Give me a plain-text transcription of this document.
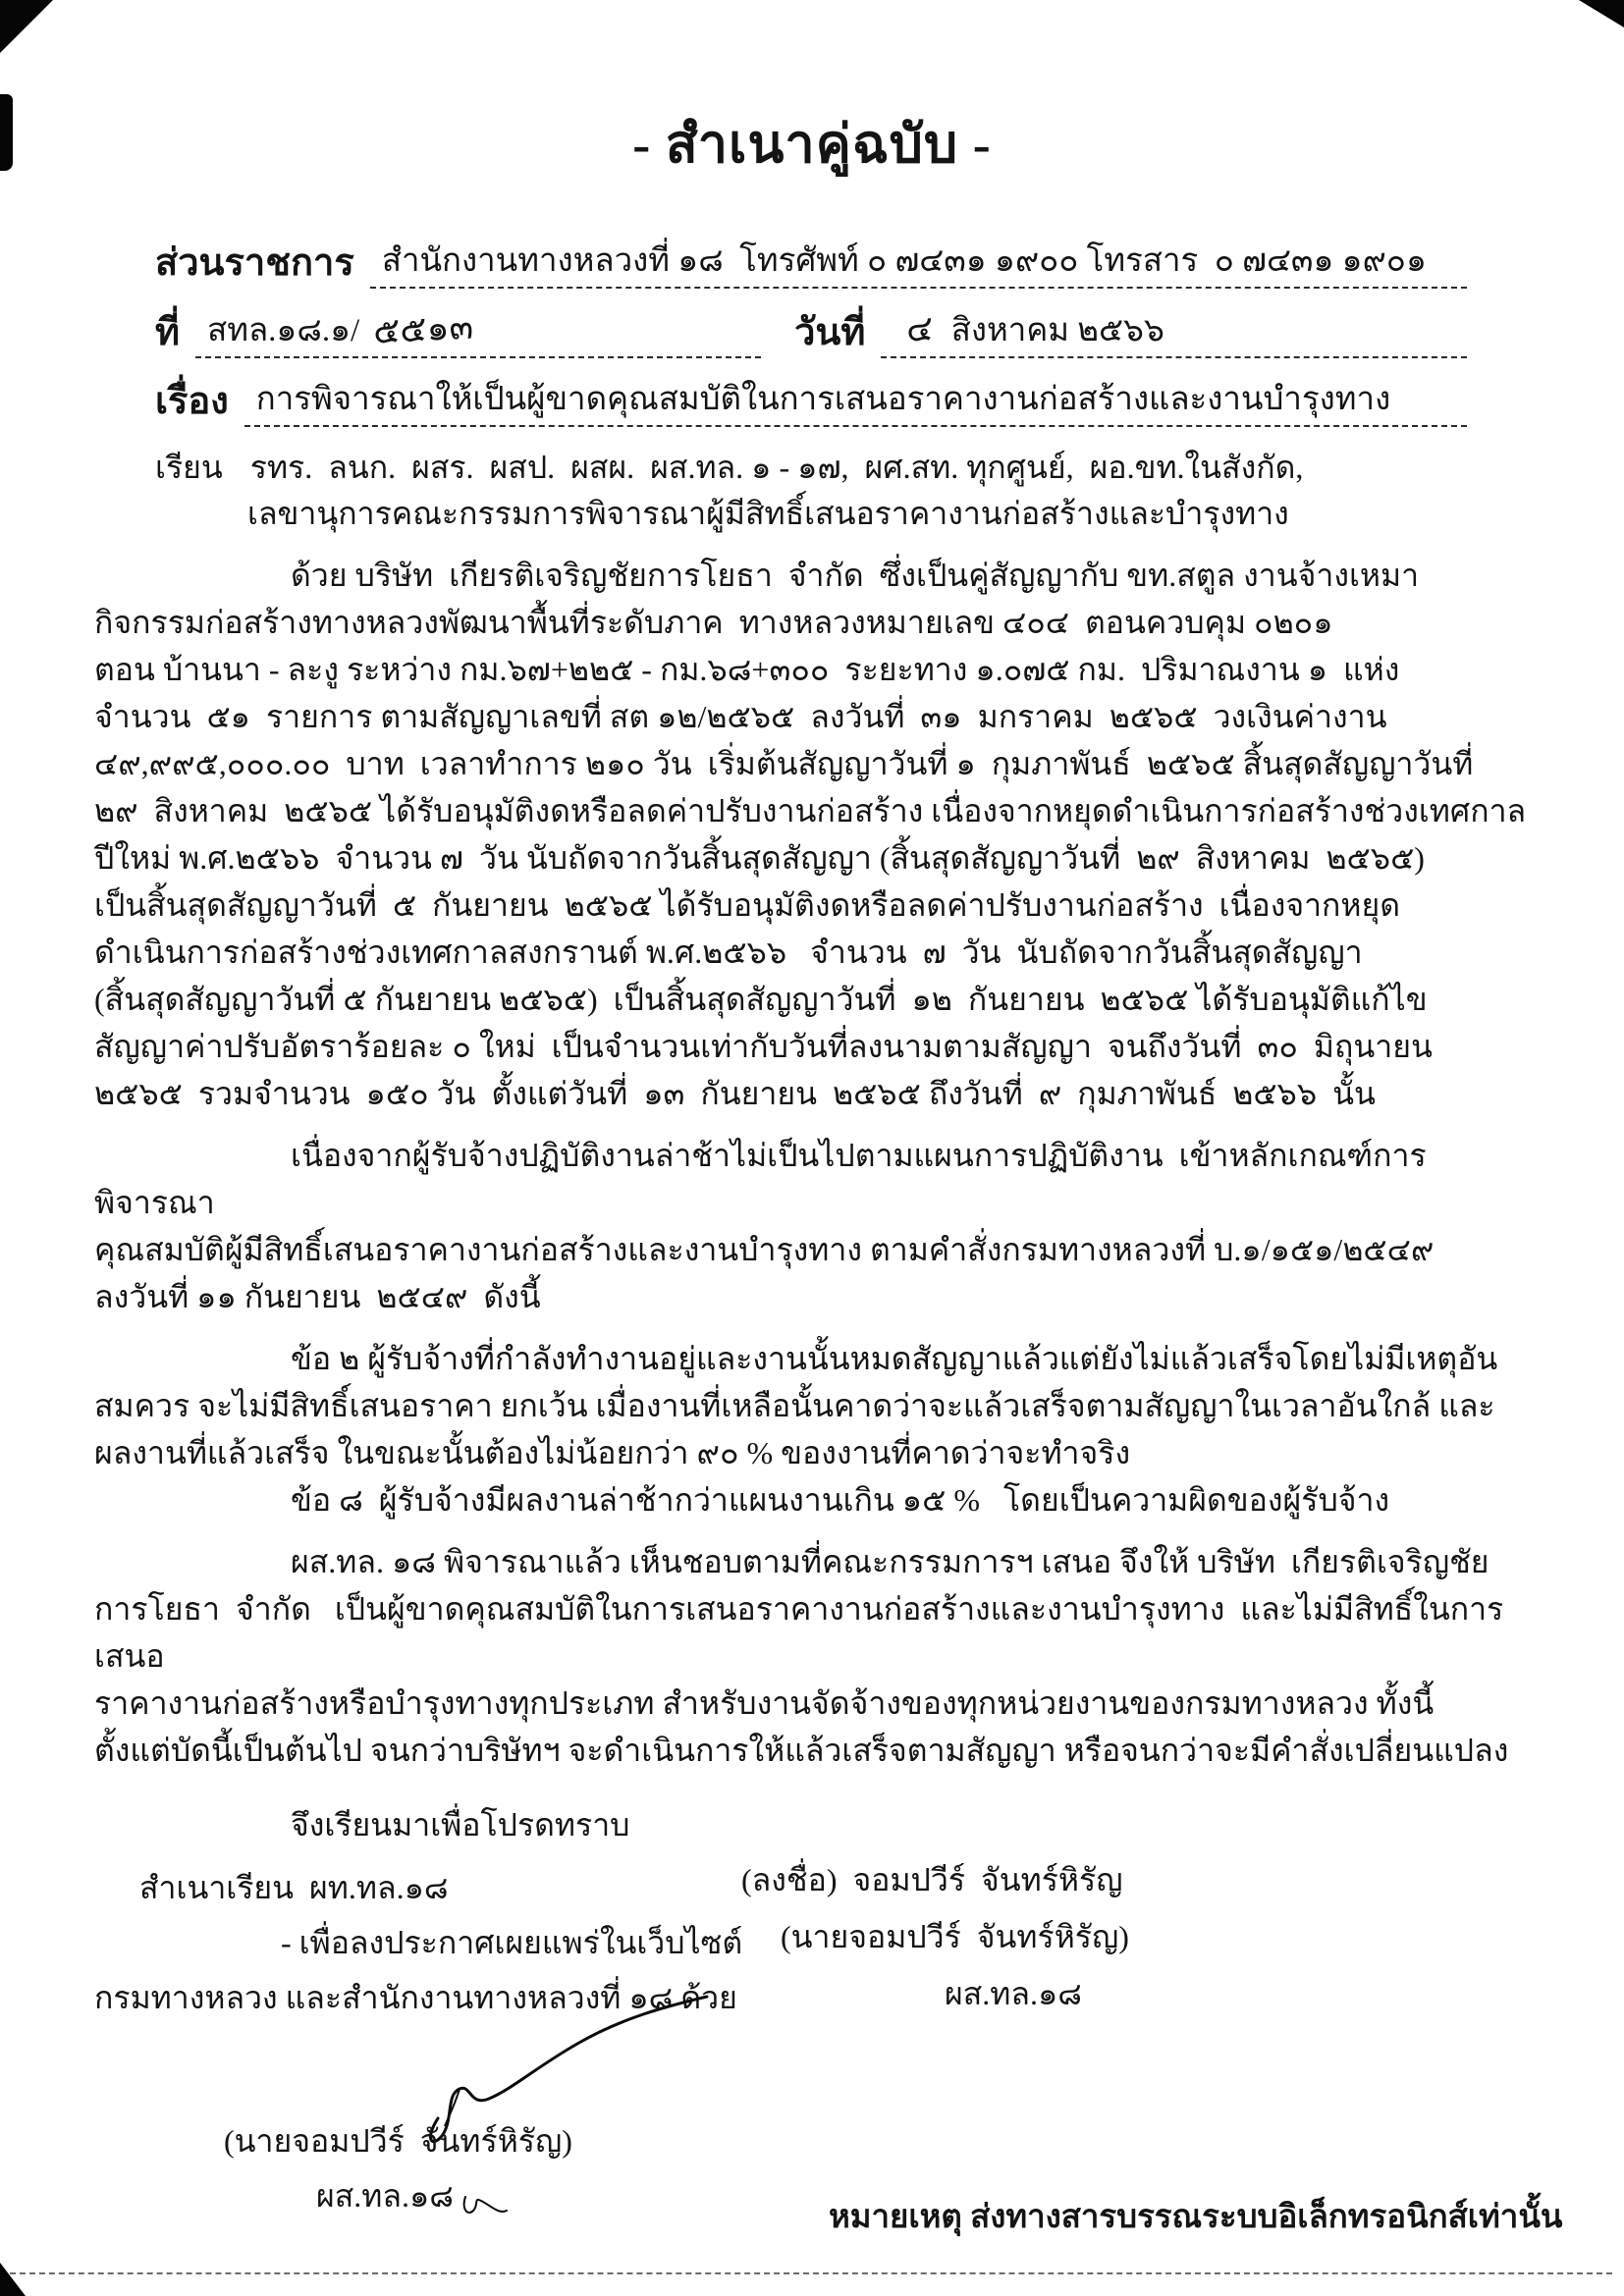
- สำเนาคู่ฉบับ -
ส่วนราชการ สำนักงานทางหลวงที่ ๑๘  โทรศัพท์ ๐ ๗๔๓๑ ๑๙๐๐ โทรสาร  ๐ ๗๔๓๑ ๑๙๐๑
ที่ สทล.๑๘.๑/ ๕๕๑๓	วันที่	๔ สิงหาคม ๒๕๖๖
เรื่อง การพิจารณาให้เป็นผู้ขาดคุณสมบัติในการเสนอราคางานก่อสร้างและงานบำรุงทาง
เรียน รทร.  ลนก.  ผสร.  ผสป.  ผสผ.  ผส.ทล. ๑ - ๑๗,  ผศ.สท. ทุกศูนย์,  ผอ.ขท.ในสังกัด,
เลขานุการคณะกรรมการพิจารณาผู้มีสิทธิ์เสนอราคางานก่อสร้างและบำรุงทาง
ด้วย บริษัท  เกียรติเจริญชัยการโยธา  จำกัด  ซึ่งเป็นคู่สัญญากับ ขท.สตูล งานจ้างเหมา
กิจกรรมก่อสร้างทางหลวงพัฒนาพื้นที่ระดับภาค  ทางหลวงหมายเลข ๔๐๔  ตอนควบคุม ๐๒๐๑
ตอน บ้านนา - ละงู ระหว่าง กม.๖๗+๒๒๕ - กม.๖๘+๓๐๐  ระยะทาง ๑.๐๗๕ กม.  ปริมาณงาน ๑  แห่ง
จำนวน  ๕๑  รายการ ตามสัญญาเลขที่ สต ๑๒/๒๕๖๕  ลงวันที่  ๓๑  มกราคม  ๒๕๖๕  วงเงินค่างาน
๔๙,๙๙๕,๐๐๐.๐๐  บาท  เวลาทำการ ๒๑๐ วัน  เริ่มต้นสัญญาวันที่ ๑  กุมภาพันธ์  ๒๕๖๕ สิ้นสุดสัญญาวันที่
๒๙  สิงหาคม  ๒๕๖๕ ได้รับอนุมัติงดหรือลดค่าปรับงานก่อสร้าง เนื่องจากหยุดดำเนินการก่อสร้างช่วงเทศกาล
ปีใหม่ พ.ศ.๒๕๖๖  จำนวน ๗  วัน นับถัดจากวันสิ้นสุดสัญญา (สิ้นสุดสัญญาวันที่  ๒๙  สิงหาคม  ๒๕๖๕)
เป็นสิ้นสุดสัญญาวันที่  ๕  กันยายน  ๒๕๖๕ ได้รับอนุมัติงดหรือลดค่าปรับงานก่อสร้าง  เนื่องจากหยุด
ดำเนินการก่อสร้างช่วงเทศกาลสงกรานต์ พ.ศ.๒๕๖๖   จำนวน  ๗  วัน  นับถัดจากวันสิ้นสุดสัญญา
(สิ้นสุดสัญญาวันที่ ๕ กันยายน ๒๕๖๕)  เป็นสิ้นสุดสัญญาวันที่  ๑๒  กันยายน  ๒๕๖๕ ได้รับอนุมัติแก้ไข
สัญญาค่าปรับอัตราร้อยละ ๐ ใหม่  เป็นจำนวนเท่ากับวันที่ลงนามตามสัญญา  จนถึงวันที่  ๓๐  มิถุนายน
๒๕๖๕  รวมจำนวน  ๑๕๐ วัน  ตั้งแต่วันที่  ๑๓  กันยายน  ๒๕๖๕ ถึงวันที่  ๙  กุมภาพันธ์  ๒๕๖๖  นั้น
เนื่องจากผู้รับจ้างปฏิบัติงานล่าช้าไม่เป็นไปตามแผนการปฏิบัติงาน  เข้าหลักเกณฑ์การพิจารณา
คุณสมบัติผู้มีสิทธิ์เสนอราคางานก่อสร้างและงานบำรุงทาง ตามคำสั่งกรมทางหลวงที่ บ.๑/๑๕๑/๒๕๔๙
ลงวันที่ ๑๑ กันยายน  ๒๕๔๙  ดังนี้
ข้อ ๒ ผู้รับจ้างที่กำลังทำงานอยู่และงานนั้นหมดสัญญาแล้วแต่ยังไม่แล้วเสร็จโดยไม่มีเหตุอัน
สมควร จะไม่มีสิทธิ์เสนอราคา ยกเว้น เมื่องานที่เหลือนั้นคาดว่าจะแล้วเสร็จตามสัญญาในเวลาอันใกล้ และ
ผลงานที่แล้วเสร็จ ในขณะนั้นต้องไม่น้อยกว่า ๙๐ % ของงานที่คาดว่าจะทำจริง
ข้อ ๘  ผู้รับจ้างมีผลงานล่าช้ากว่าแผนงานเกิน ๑๕ %   โดยเป็นความผิดของผู้รับจ้าง
ผส.ทล. ๑๘ พิจารณาแล้ว เห็นชอบตามที่คณะกรรมการฯ เสนอ จึงให้ บริษัท  เกียรติเจริญชัย
การโยธา  จำกัด   เป็นผู้ขาดคุณสมบัติในการเสนอราคางานก่อสร้างและงานบำรุงทาง  และไม่มีสิทธิ์ในการเสนอ
ราคางานก่อสร้างหรือบำรุงทางทุกประเภท สำหรับงานจัดจ้างของทุกหน่วยงานของกรมทางหลวง ทั้งนี้
ตั้งแต่บัดนี้เป็นต้นไป จนกว่าบริษัทฯ จะดำเนินการให้แล้วเสร็จตามสัญญา หรือจนกว่าจะมีคำสั่งเปลี่ยนแปลง
จึงเรียนมาเพื่อโปรดทราบ
(ลงชื่อ)  จอมปวีร์  จันทร์หิรัญ
(นายจอมปวีร์  จันทร์หิรัญ)
ผส.ทล.๑๘
สำเนาเรียน  ผท.ทล.๑๘
- เพื่อลงประกาศเผยแพร่ในเว็บไซต์
กรมทางหลวง และสำนักงานทางหลวงที่ ๑๘ ด้วย
(นายจอมปวีร์  จันทร์หิรัญ)
ผส.ทล.๑๘
หมายเหตุ ส่งทางสารบรรณระบบอิเล็กทรอนิกส์เท่านั้น
